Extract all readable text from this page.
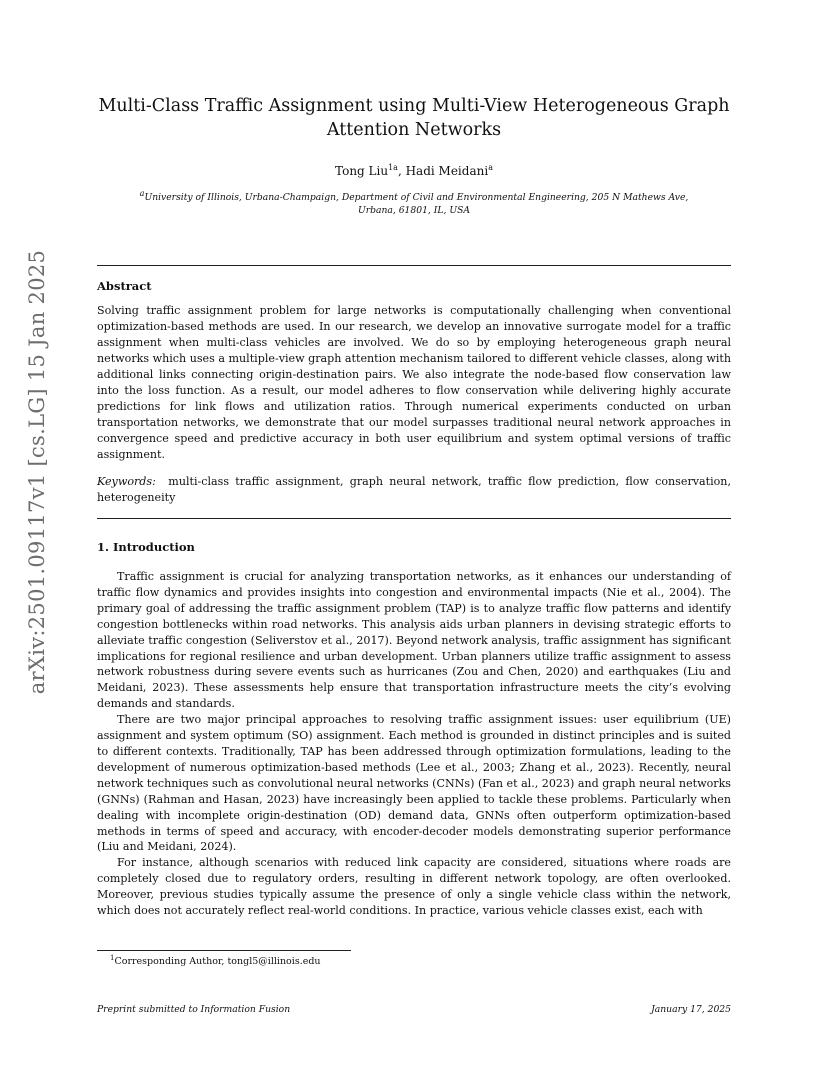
arXiv:2501.09117v1 [cs.LG] 15 Jan 2025
Multi-Class Traffic Assignment using Multi-View Heterogeneous Graph Attention Networks
Tong Liu$^{1a}$, Hadi Meidani$^a$
$^a$University of Illinois, Urbana-Champaign, Department of Civil and Environmental Engineering, 205 N Mathews Ave, Urbana, 61801, IL, USA
Abstract

Solving traffic assignment problem for large networks is computationally challenging when conventional optimization-based methods are used. In our research, we develop an innovative surrogate model for a traffic assignment when multi-class vehicles are involved. We do so by employing heterogeneous graph neural networks which uses a multiple-view graph attention mechanism tailored to different vehicle classes, along with additional links connecting origin-destination pairs. We also integrate the node-based flow conservation law into the loss function. As a result, our model adheres to flow conservation while delivering highly accurate predictions for link flows and utilization ratios. Through numerical experiments conducted on urban transportation networks, we demonstrate that our model surpasses traditional neural network approaches in convergence speed and predictive accuracy in both user equilibrium and system optimal versions of traffic assignment.

Keywords: multi-class traffic assignment, graph neural network, traffic flow prediction, flow conservation, heterogeneity

1. Introduction

Traffic assignment is crucial for analyzing transportation networks, as it enhances our understanding of traffic flow dynamics and provides insights into congestion and environmental impacts (Nie et al., 2004). The primary goal of addressing the traffic assignment problem (TAP) is to analyze traffic flow patterns and identify congestion bottlenecks within road networks. This analysis aids urban planners in devising strategic efforts to alleviate traffic congestion (Seliverstov et al., 2017). Beyond network analysis, traffic assignment has significant implications for regional resilience and urban development. Urban planners utilize traffic assignment to assess network robustness during severe events such as hurricanes (Zou and Chen, 2020) and earthquakes (Liu and Meidani, 2023). These assessments help ensure that transportation infrastructure meets the city’s evolving demands and standards.

There are two major principal approaches to resolving traffic assignment issues: user equilibrium (UE) assignment and system optimum (SO) assignment. Each method is grounded in distinct principles and is suited to different contexts. Traditionally, TAP has been addressed through optimization formulations, leading to the development of numerous optimization-based methods (Lee et al., 2003; Zhang et al., 2023). Recently, neural network techniques such as convolutional neural networks (CNNs) (Fan et al., 2023) and graph neural networks (GNNs) (Rahman and Hasan, 2023) have increasingly been applied to tackle these problems. Particularly when dealing with incomplete origin-destination (OD) demand data, GNNs often outperform optimization-based methods in terms of speed and accuracy, with encoder-decoder models demonstrating superior performance (Liu and Meidani, 2024).

For instance, although scenarios with reduced link capacity are considered, situations where roads are completely closed due to regulatory orders, resulting in different network topology, are often overlooked. Moreover, previous studies typically assume the presence of only a single vehicle class within the network, which does not accurately reflect real-world conditions. In practice, various vehicle classes exist, each with

$^1$Corresponding Author, tongl5@illinois.edu
Preprint submitted to Information Fusion	January 17, 2025
